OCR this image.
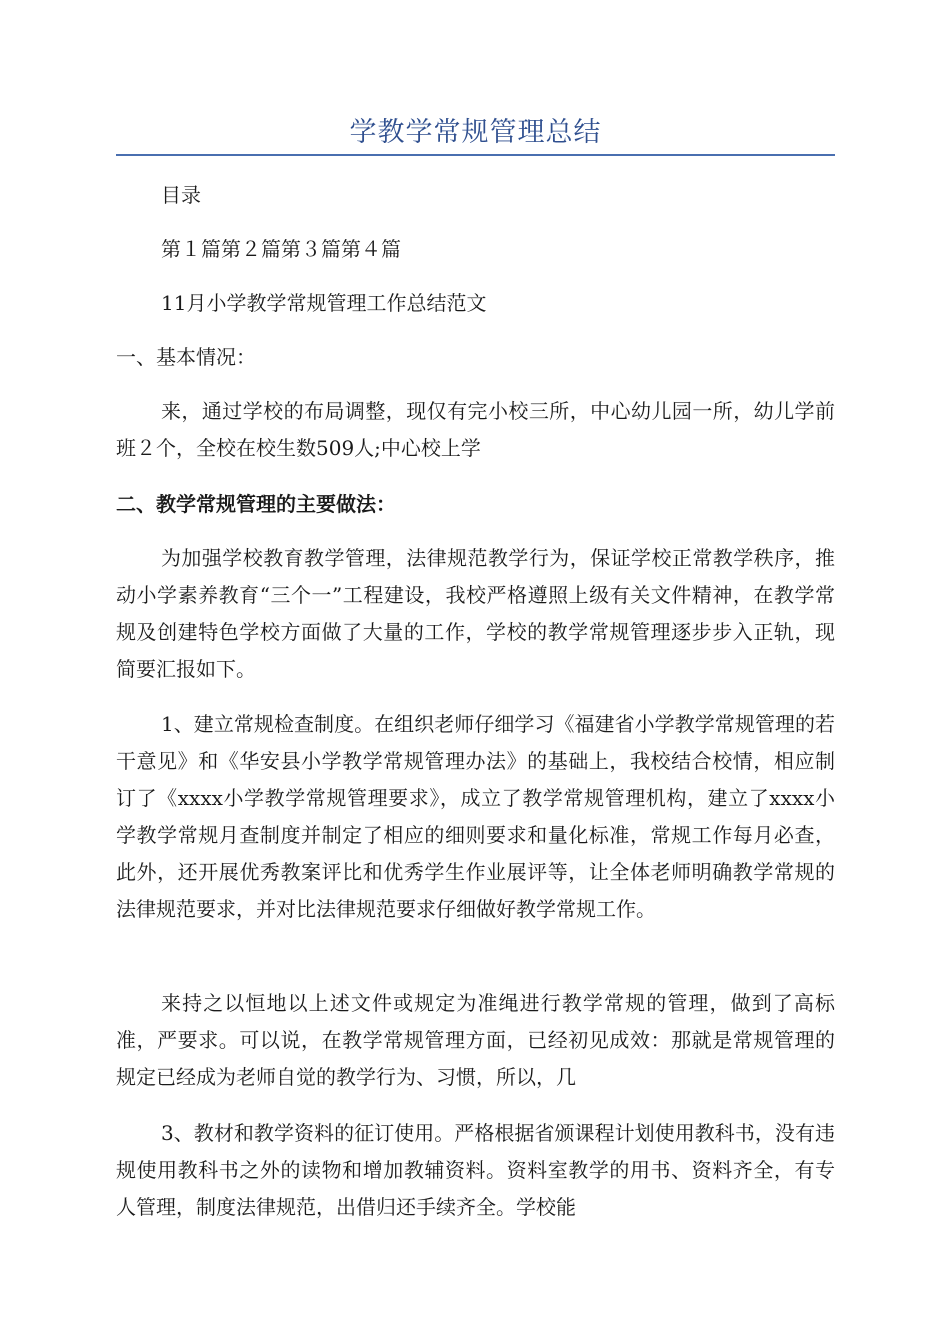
学教学常规管理总结

目录

第１篇第２篇第３篇第４篇

11月小学教学常规管理工作总结范文

一、基本情况：

来，通过学校的布局调整，现仅有完小校三所，中心幼儿园一所，幼儿学前班２个，全校在校生数509人;中心校上学

二、教学常规管理的主要做法：

为加强学校教育教学管理，法律规范教学行为，保证学校正常教学秩序，推动小学素养教育“三个一”工程建设，我校严格遵照上级有关文件精神，在教学常规及创建特色学校方面做了大量的工作，学校的教学常规管理逐步步入正轨，现简要汇报如下。

1、建立常规检查制度。在组织老师仔细学习《福建省小学教学常规管理的若干意见》和《华安县小学教学常规管理办法》的基础上，我校结合校情，相应制订了《xxxx小学教学常规管理要求》，成立了教学常规管理机构，建立了xxxx小学教学常规月查制度并制定了相应的细则要求和量化标准，常规工作每月必查，此外，还开展优秀教案评比和优秀学生作业展评等，让全体老师明确教学常规的法律规范要求，并对比法律规范要求仔细做好教学常规工作。

来持之以恒地以上述文件或规定为准绳进行教学常规的管理，做到了高标准，严要求。可以说，在教学常规管理方面，已经初见成效：那就是常规管理的规定已经成为老师自觉的教学行为、习惯，所以，几

3、教材和教学资料的征订使用。严格根据省颁课程计划使用教科书，没有违规使用教科书之外的读物和增加教辅资料。资料室教学的用书、资料齐全，有专人管理，制度法律规范，出借归还手续齐全。学校能
